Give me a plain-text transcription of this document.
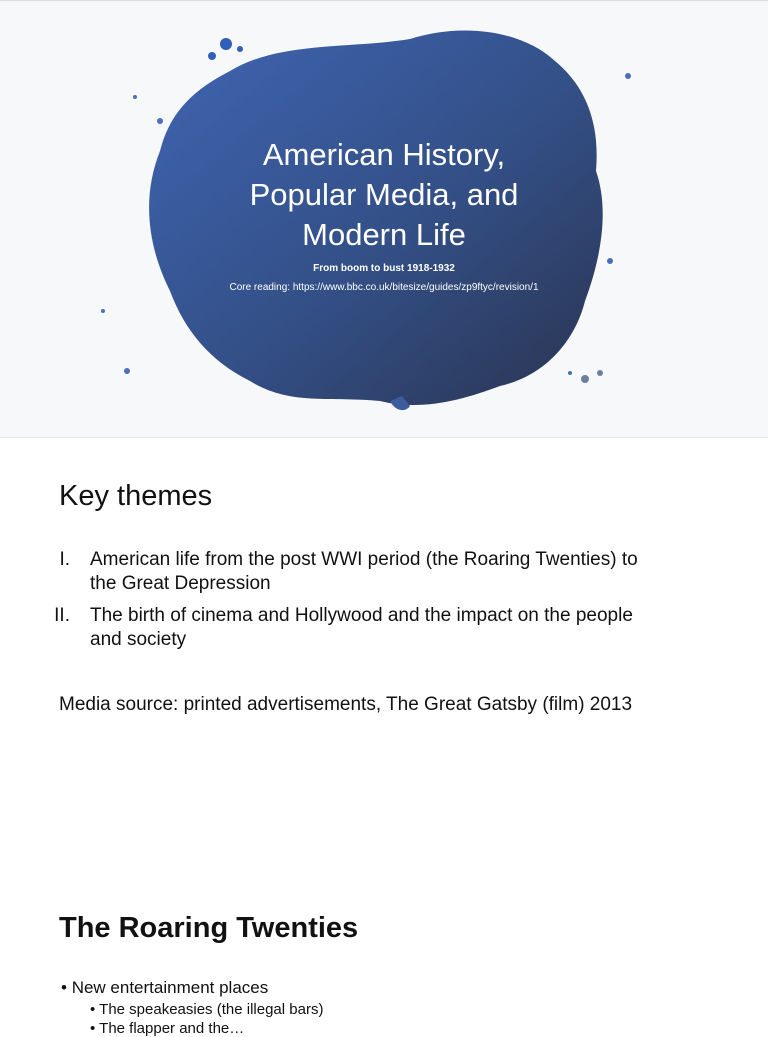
American History,
Popular Media, and
Modern Life
From boom to bust 1918-1932
Core reading: https://www.bbc.co.uk/bitesize/guides/zp9ftyc/revision/1
Key themes
I. American life from the post WWI period (the Roaring Twenties) to
the Great Depression
II. The birth of cinema and Hollywood and the impact on the people
and society
Media source: printed advertisements, The Great Gatsby (film) 2013
The Roaring Twenties
• New entertainment places
• The speakeasies (the illegal bars)
• The flapper and the…
